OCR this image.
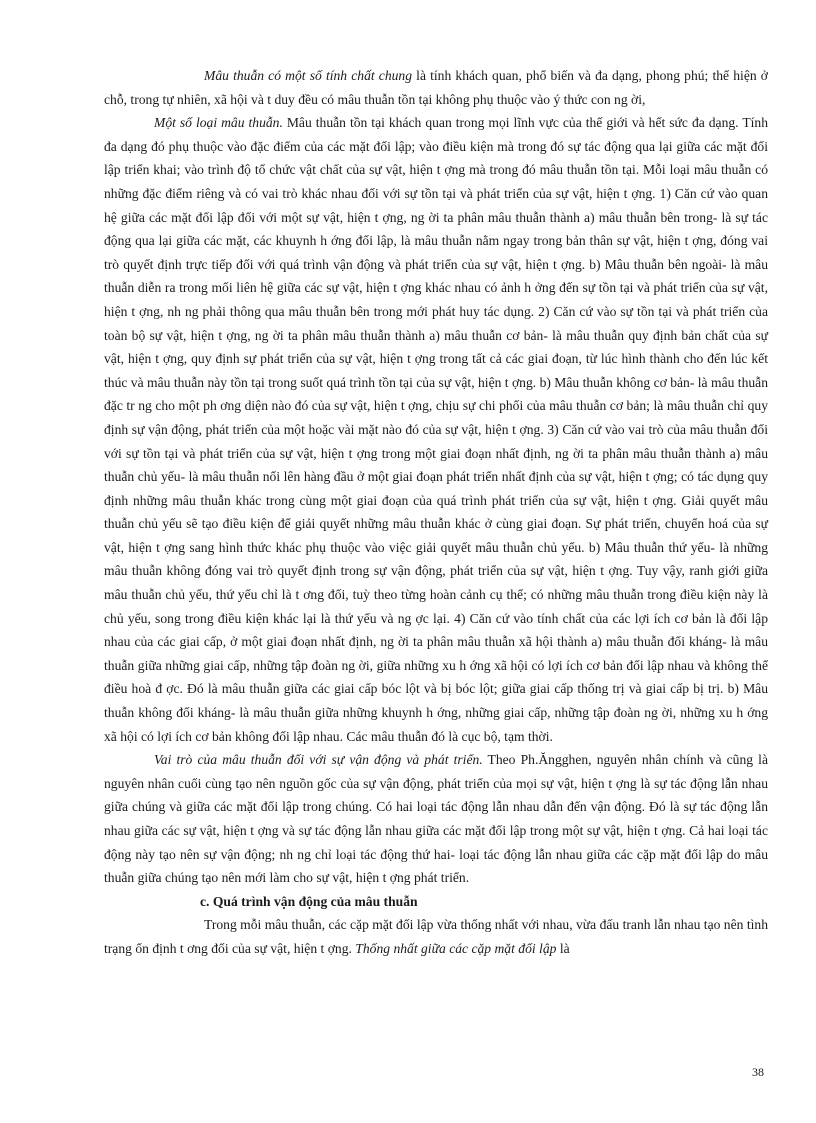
Mâu thuẫn có một số tính chất chung là tính khách quan, phổ biến và đa dạng, phong phú; thể hiện ở chỗ, trong tự nhiên, xã hội và t duy đều có mâu thuẫn tồn tại không phụ thuộc vào ý thức con ng ời,

Một số loại mâu thuẫn. Mâu thuẫn tồn tại khách quan trong mọi lĩnh vực của thế giới và hết sức đa dạng. Tính đa dạng đó phụ thuộc vào đặc điểm của các mặt đối lập; vào điều kiện mà trong đó sự tác động qua lại giữa các mặt đối lập triển khai; vào trình độ tổ chức vật chất của sự vật, hiện t ợng mà trong đó mâu thuẫn tồn tại. Mỗi loại mâu thuẫn có những đặc điểm riêng và có vai trò khác nhau đối với sự tồn tại và phát triển của sự vật, hiện t ợng. 1) Căn cứ vào quan hệ giữa các mặt đối lập đối với một sự vật, hiện t ợng, ng ời ta phân mâu thuẫn thành a) mâu thuẫn bên trong- là sự tác động qua lại giữa các mặt, các khuynh h ớng đối lập, là mâu thuẫn nằm ngay trong bản thân sự vật, hiện t ợng, đóng vai trò quyết định trực tiếp đối với quá trình vận động và phát triển của sự vật, hiện t ợng. b) Mâu thuẫn bên ngoài- là mâu thuẫn diễn ra trong mối liên hệ giữa các sự vật, hiện t ợng khác nhau có ảnh h ởng đến sự tồn tại và phát triển của sự vật, hiện t ợng, nh ng phải thông qua mâu thuẫn bên trong mới phát huy tác dụng. 2) Căn cứ vào sự tồn tại và phát triển của toàn bộ sự vật, hiện t ợng, ng ời ta phân mâu thuẫn thành a) mâu thuẫn cơ bản- là mâu thuẫn quy định bản chất của sự vật, hiện t ợng, quy định sự phát triển của sự vật, hiện t ợng trong tất cả các giai đoạn, từ lúc hình thành cho đến lúc kết thúc và mâu thuẫn này tồn tại trong suốt quá trình tồn tại của sự vật, hiện t ợng. b) Mâu thuẫn không cơ bản- là mâu thuẫn đặc tr ng cho một ph ơng diện nào đó của sự vật, hiện t ợng, chịu sự chi phối của mâu thuẫn cơ bản; là mâu thuẫn chỉ quy định sự vận động, phát triển của một hoặc vài mặt nào đó của sự vật, hiện t ợng. 3) Căn cứ vào vai trò của mâu thuẫn đối với sự tồn tại và phát triển của sự vật, hiện t ợng trong một giai đoạn nhất định, ng ời ta phân mâu thuẫn thành a) mâu thuẫn chủ yếu- là mâu thuẫn nổi lên hàng đầu ở một giai đoạn phát triển nhất định của sự vật, hiện t ợng; có tác dụng quy định những mâu thuẫn khác trong cùng một giai đoạn của quá trình phát triển của sự vật, hiện t ợng. Giải quyết mâu thuẫn chủ yếu sẽ tạo điều kiện để giải quyết những mâu thuẫn khác ở cùng giai đoạn. Sự phát triển, chuyển hoá của sự vật, hiện t ợng sang hình thức khác phụ thuộc vào việc giải quyết mâu thuẫn chủ yếu. b) Mâu thuẫn thứ yếu- là những mâu thuẫn không đóng vai trò quyết định trong sự vận động, phát triển của sự vật, hiện t ợng. Tuy vậy, ranh giới giữa mâu thuẫn chủ yếu, thứ yếu chỉ là t ơng đối, tuỳ theo từng hoàn cảnh cụ thể; có những mâu thuẫn trong điều kiện này là chủ yếu, song trong điều kiện khác lại là thứ yếu và ng ợc lại. 4) Căn cứ vào tính chất của các lợi ích cơ bản là đối lập nhau của các giai cấp, ở một giai đoạn nhất định, ng ời ta phân mâu thuẫn xã hội thành a) mâu thuẫn đối kháng- là mâu thuẫn giữa những giai cấp, những tập đoàn ng ời, giữa những xu h ớng xã hội có lợi ích cơ bản đối lập nhau và không thể điều hoà đ ợc. Đó là mâu thuẫn giữa các giai cấp bóc lột và bị bóc lột; giữa giai cấp thống trị và giai cấp bị trị. b) Mâu thuẫn không đối kháng- là mâu thuẫn giữa những khuynh h ớng, những giai cấp, những tập đoàn ng ời, những xu h ớng xã hội có lợi ích cơ bản không đối lập nhau. Các mâu thuẫn đó là cục bộ, tạm thời.

Vai trò của mâu thuẫn đối với sự vận động và phát triển. Theo Ph.Ăngghen, nguyên nhân chính và cũng là nguyên nhân cuối cùng tạo nên nguồn gốc của sự vận động, phát triển của mọi sự vật, hiện t ợng là sự tác động lẫn nhau giữa chúng và giữa các mặt đối lập trong chúng. Có hai loại tác động lẫn nhau dẫn đến vận động. Đó là sự tác động lẫn nhau giữa các sự vật, hiện t ợng và sự tác động lẫn nhau giữa các mặt đối lập trong một sự vật, hiện t ợng. Cả hai loại tác động này tạo nên sự vận động; nh ng chỉ loại tác động thứ hai- loại tác động lẫn nhau giữa các cặp mặt đối lập do mâu thuẫn giữa chúng tạo nên mới làm cho sự vật, hiện t ợng phát triển.

c. Quá trình vận động của mâu thuẫn

Trong mỗi mâu thuẫn, các cặp mặt đối lập vừa thống nhất với nhau, vừa đấu tranh lẫn nhau tạo nên tình trạng ổn định t ơng đối của sự vật, hiện t ợng. Thống nhất giữa các cặp mặt đối lập là

38
